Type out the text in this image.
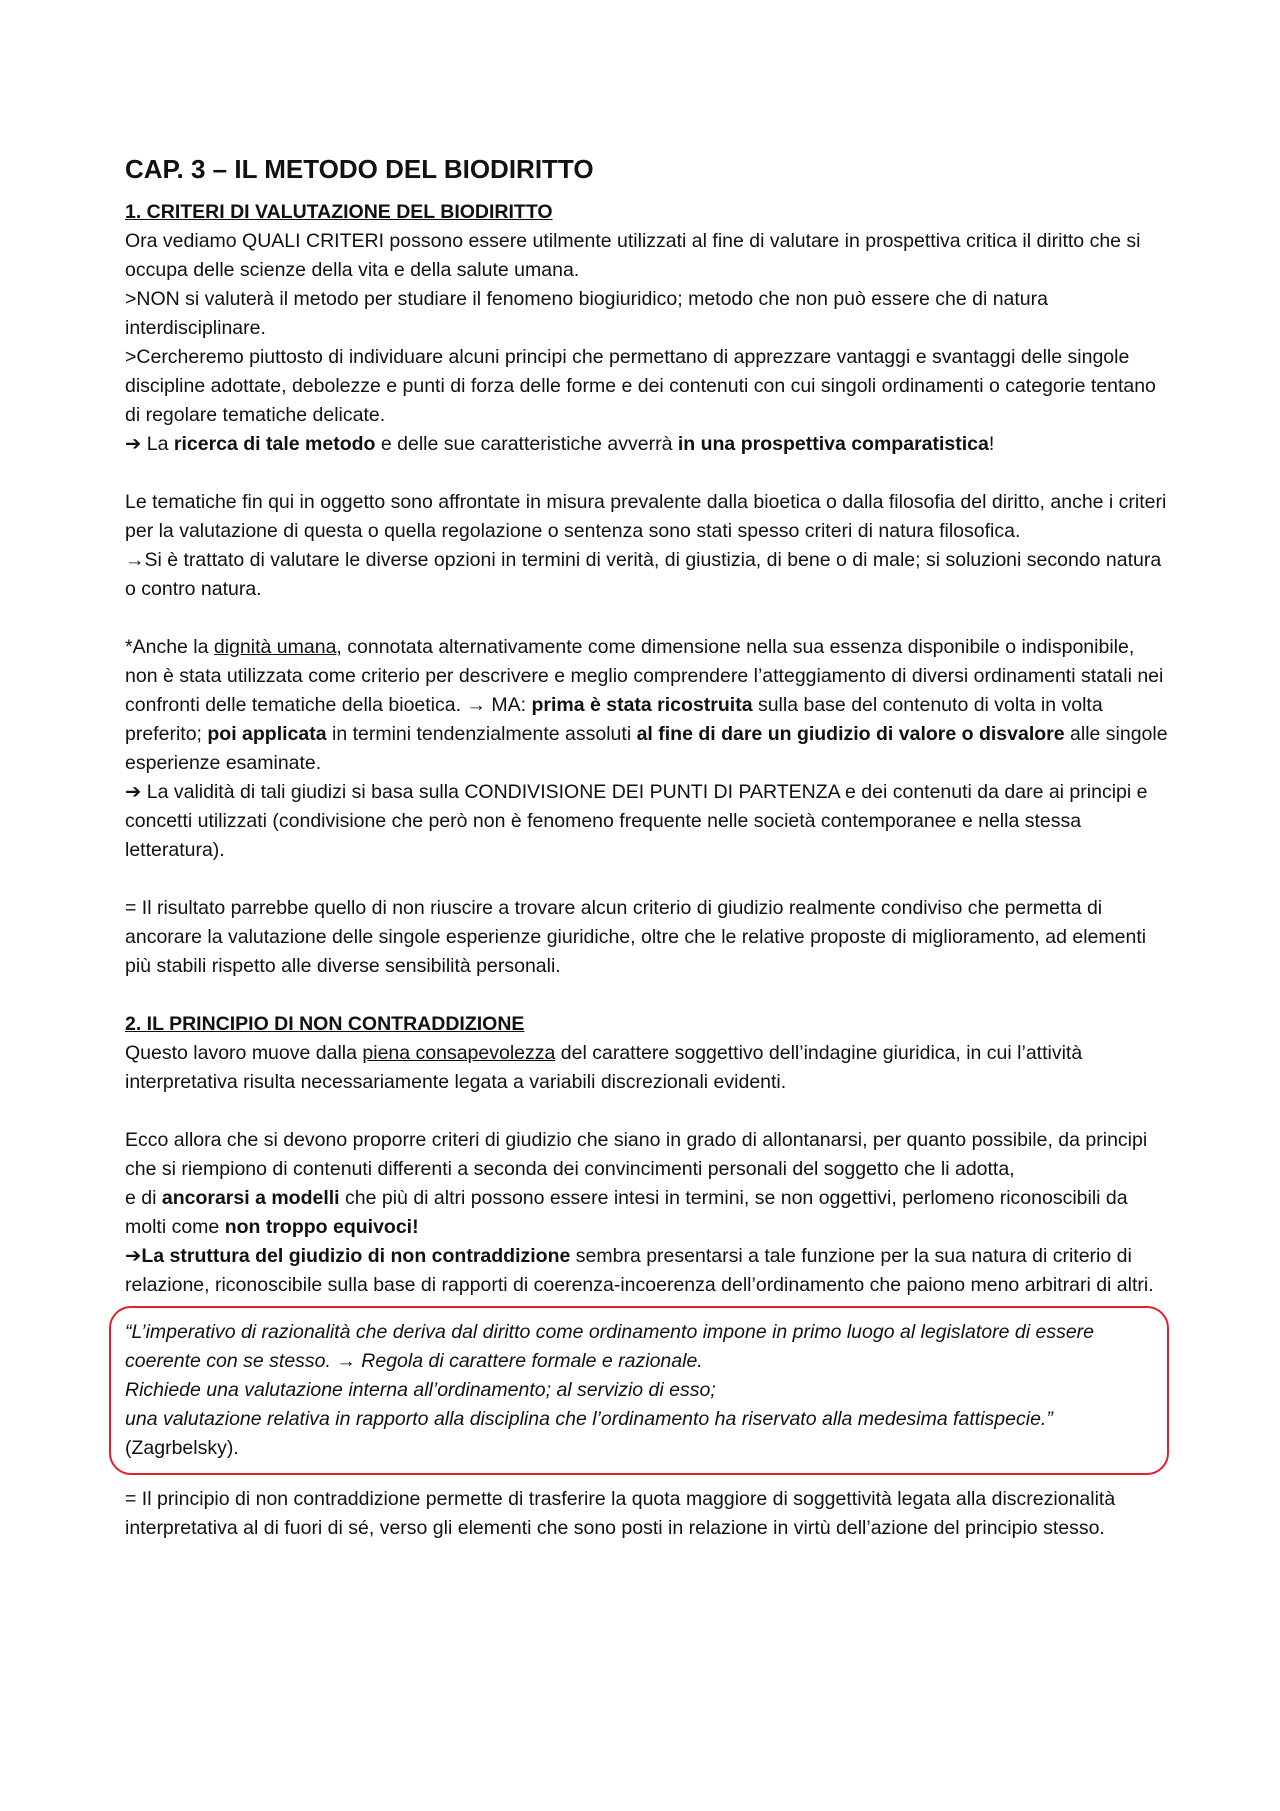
CAP. 3 – IL METODO DEL BIODIRITTO
1. CRITERI DI VALUTAZIONE DEL BIODIRITTO

Ora vediamo QUALI CRITERI possono essere utilmente utilizzati al fine di valutare in prospettiva critica il diritto che si occupa delle scienze della vita e della salute umana.

>NON si valuterà il metodo per studiare il fenomeno biogiuridico; metodo che non può essere che di natura interdisciplinare.

>Cercheremo piuttosto di individuare alcuni principi che permettano di apprezzare vantaggi e svantaggi delle singole discipline adottate, debolezze e punti di forza delle forme e dei contenuti con cui singoli ordinamenti o categorie tentano di regolare tematiche delicate.

➔ La ricerca di tale metodo e delle sue caratteristiche avverrà in una prospettiva comparatistica!

Le tematiche fin qui in oggetto sono affrontate in misura prevalente dalla bioetica o dalla filosofia del diritto, anche i criteri per la valutazione di questa o quella regolazione o sentenza sono stati spesso criteri di natura filosofica.

→Si è trattato di valutare le diverse opzioni in termini di verità, di giustizia, di bene o di male; si soluzioni secondo natura o contro natura.

*Anche la dignità umana, connotata alternativamente come dimensione nella sua essenza disponibile o indisponibile, non è stata utilizzata come criterio per descrivere e meglio comprendere l’atteggiamento di diversi ordinamenti statali nei confronti delle tematiche della bioetica. → MA: prima è stata ricostruita sulla base del contenuto di volta in volta preferito; poi applicata in termini tendenzialmente assoluti al fine di dare un giudizio di valore o disvalore alle singole esperienze esaminate.

➔ La validità di tali giudizi si basa sulla CONDIVISIONE DEI PUNTI DI PARTENZA e dei contenuti da dare ai principi e concetti utilizzati (condivisione che però non è fenomeno frequente nelle società contemporanee e nella stessa letteratura).

= Il risultato parrebbe quello di non riuscire a trovare alcun criterio di giudizio realmente condiviso che permetta di ancorare la valutazione delle singole esperienze giuridiche, oltre che le relative proposte di miglioramento, ad elementi più stabili rispetto alle diverse sensibilità personali.

2. IL PRINCIPIO DI NON CONTRADDIZIONE

Questo lavoro muove dalla piena consapevolezza del carattere soggettivo dell’indagine giuridica, in cui l’attività interpretativa risulta necessariamente legata a variabili discrezionali evidenti.

Ecco allora che si devono proporre criteri di giudizio che siano in grado di allontanarsi, per quanto possibile, da principi che si riempiono di contenuti differenti a seconda dei convincimenti personali del soggetto che li adotta,

e di ancorarsi a modelli che più di altri possono essere intesi in termini, se non oggettivi, perlomeno riconoscibili da molti come non troppo equivoci!

➔La struttura del giudizio di non contraddizione sembra presentarsi a tale funzione per la sua natura di criterio di relazione, riconoscibile sulla base di rapporti di coerenza-incoerenza dell’ordinamento che paiono meno arbitrari di altri.

“L’imperativo di razionalità che deriva dal diritto come ordinamento impone in primo luogo al legislatore di essere coerente con se stesso. → Regola di carattere formale e razionale.

Richiede una valutazione interna all’ordinamento; al servizio di esso;

una valutazione relativa in rapporto alla disciplina che l’ordinamento ha riservato alla medesima fattispecie.” (Zagrbelsky).

= Il principio di non contraddizione permette di trasferire la quota maggiore di soggettività legata alla discrezionalità interpretativa al di fuori di sé, verso gli elementi che sono posti in relazione in virtù dell’azione del principio stesso.
